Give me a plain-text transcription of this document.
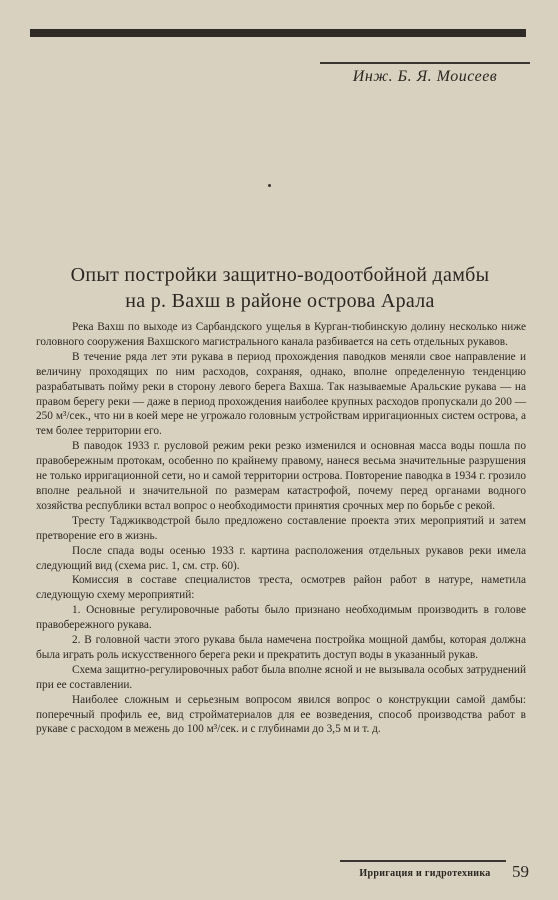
Инж. Б. Я. Моисеев
Опыт постройки защитно-водоотбойной дамбы
на р. Вахш в районе острова Арала

Река Вахш по выходе из Сарбандского ущелья в Курган-тюбинскую долину несколько ниже головного сооружения Вахшского магистрального канала разбивается на сеть отдельных рукавов.

В течение ряда лет эти рукава в период прохождения паводков меняли свое направление и величину проходящих по ним расходов, сохраняя, однако, вполне определенную тенденцию разрабатывать пойму реки в сторону левого берега Вахша. Так называемые Аральские рукава — на правом берегу реки — даже в период прохождения наиболее крупных расходов пропускали до 200 — 250 м³/сек., что ни в коей мере не угрожало головным устройствам ирригационных систем острова, а тем более территории его.

В паводок 1933 г. русловой режим реки резко изменился и основная масса воды пошла по правобережным протокам, особенно по крайнему правому, нанеся весьма значительные разрушения не только ирригационной сети, но и самой территории острова. Повторение паводка в 1934 г. грозило вполне реальной и значительной по размерам катастрофой, почему перед органами водного хозяйства республики встал вопрос о необходимости принятия срочных мер по борьбе с рекой.

Тресту Таджикводстрой было предложено составление проекта этих мероприятий и затем претворение его в жизнь.

После спада воды осенью 1933 г. картина расположения отдельных рукавов реки имела следующий вид (схема рис. 1, см. стр. 60).

Комиссия в составе специалистов треста, осмотрев район работ в натуре, наметила следующую схему мероприятий:

1. Основные регулировочные работы было признано необходимым производить в голове правобережного рукава.

2. В головной части этого рукава была намечена постройка мощной дамбы, которая должна была играть роль искусственного берега реки и прекратить доступ воды в указанный рукав.

Схема защитно-регулировочных работ была вполне ясной и не вызывала особых затруднений при ее составлении.

Наиболее сложным и серьезным вопросом явился вопрос о конструкции самой дамбы: поперечный профиль ее, вид стройматериалов для ее возведения, способ производства работ в рукаве с расходом в межень до 100 м³/сек. и с глубинами до 3,5 м и т. д.

Ирригация и гидротехника	59
